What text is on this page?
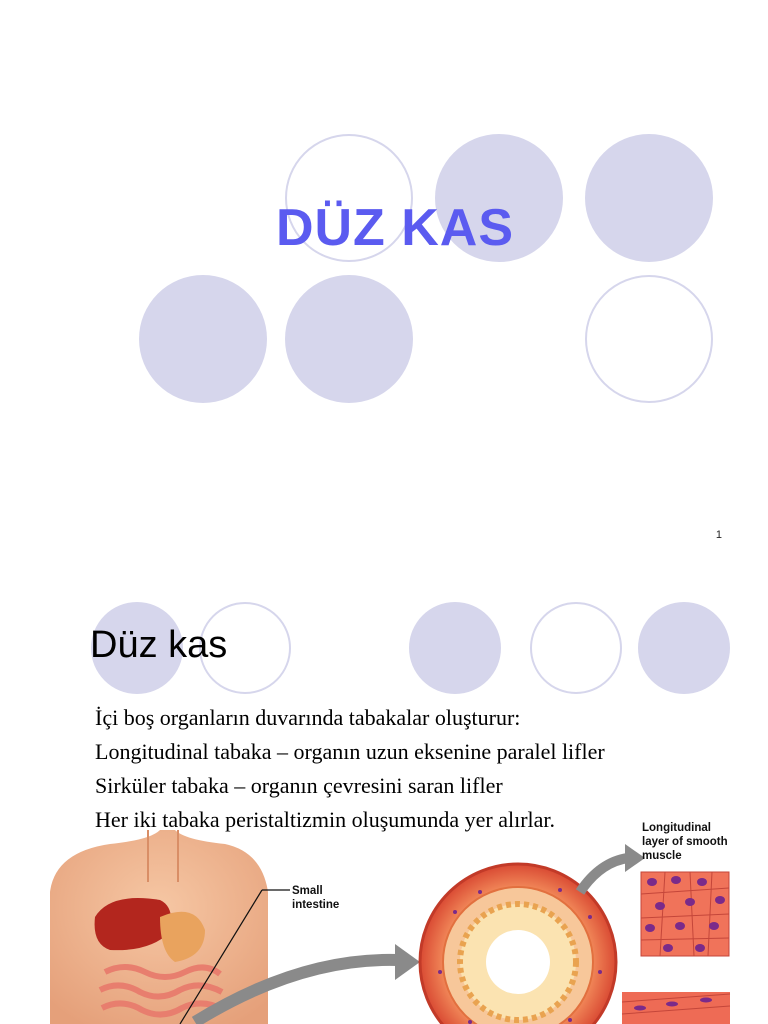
DÜZ KAS
1
Düz kas
İçi boş organların duvarında tabakalar oluşturur:
Longitudinal tabaka – organın uzun eksenine paralel lifler
Sirküler tabaka – organın çevresini saran lifler
Her iki tabaka peristaltizmin oluşumunda yer alırlar.
Small
intestine
Longitudinal
layer of smooth
muscle
